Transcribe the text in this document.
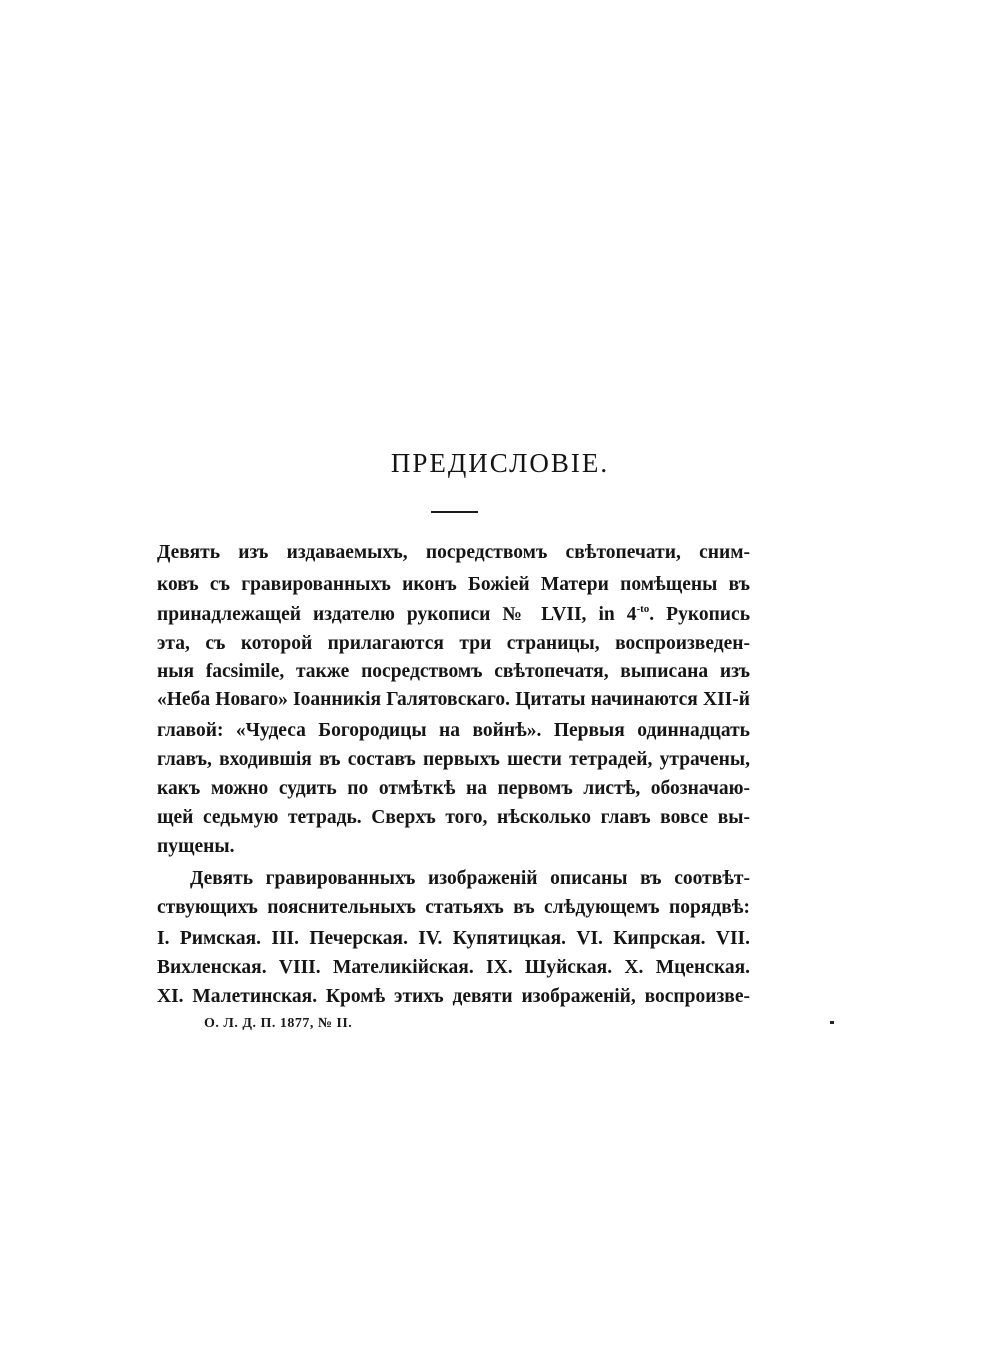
ПРЕДИСЛОВІЕ.
Девять изъ издаваемыхъ, посредствомъ свѣтопечати, сним-
ковъ съ гравированныхъ иконъ Божіей Матери помѣщены въ
принадлежащей издателю рукописи № LVII, in $4^{-to}$. Рукопись
эта, съ которой прилагаются три страницы, воспроизведен-
ныя facsimile, также посредствомъ свѣтопечатя, выписана изъ
«Неба Новаго» Іоанникія Галятовскаго. Цитаты начинаются XII-й
главой: «Чудеса Богородицы на войнѣ». Первыя одиннадцать
главъ, входившія въ составъ первыхъ шести тетрадей, утрачены,
какъ можно судить по отмѣткѣ на первомъ листѣ, обозначаю-
щей седьмую тетрадь. Сверхъ того, нѣсколько главъ вовсе вы-
пущены.
Девять гравированныхъ изображеній описаны въ соотвѣт-
ствующихъ пояснительныхъ статьяхъ въ слѣдующемъ порядвѣ:
I. Римская. III. Печерская. IV. Купятицкая. VI. Кипрская. VII.
Вихленская. VIII. Мателикійская. IX. Шуйская. X. Мценская.
XI. Малетинская. Кромѣ этихъ девяти изображеній, воспроизве-
О. Л. Д. П. 1877, № II.
